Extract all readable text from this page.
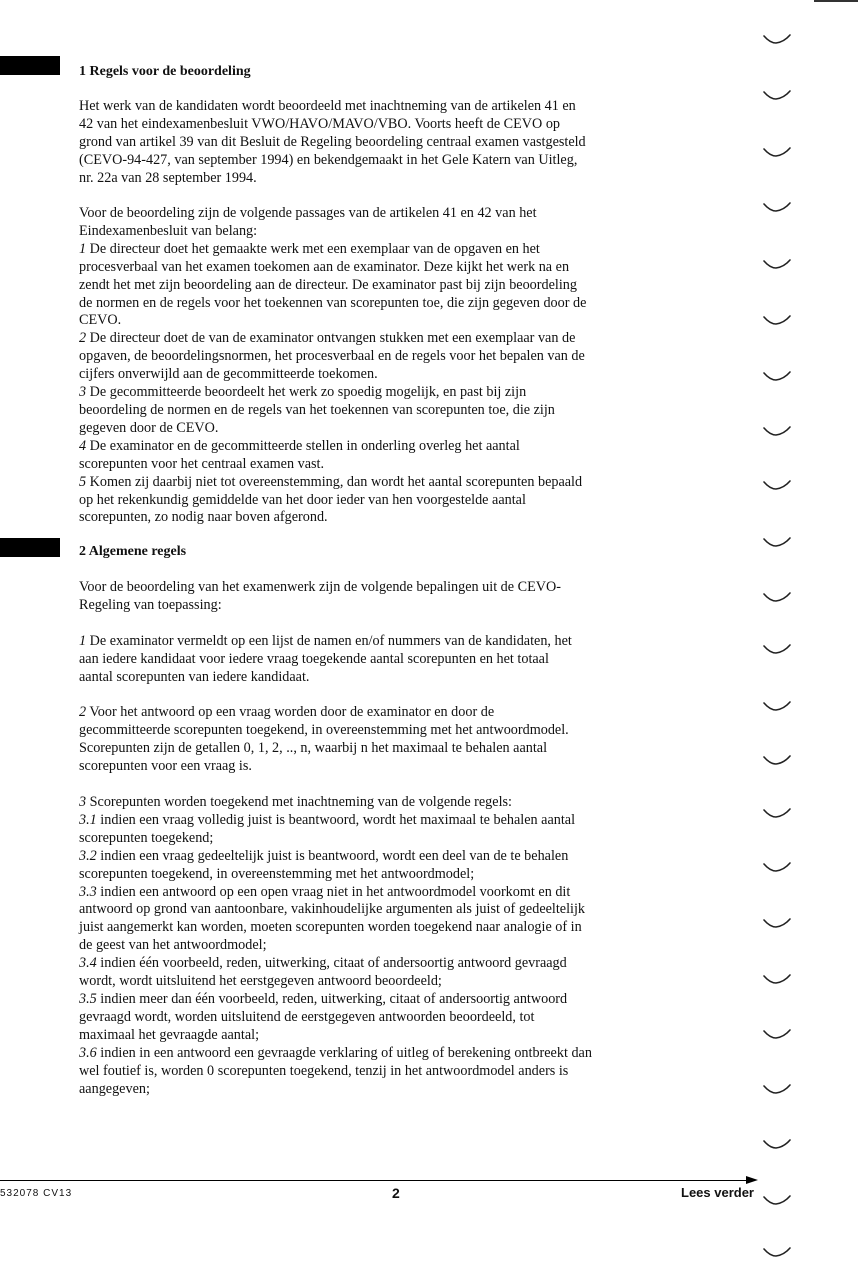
1 Regels voor de beoordeling
Het werk van de kandidaten wordt beoordeeld met inachtneming van de artikelen 41 en
42 van het eindexamenbesluit VWO/HAVO/MAVO/VBO. Voorts heeft de CEVO op
grond van artikel 39 van dit Besluit de Regeling beoordeling centraal examen vastgesteld
(CEVO-94-427, van september 1994) en bekendgemaakt in het Gele Katern van Uitleg,
nr. 22a van 28 september 1994.
Voor de beoordeling zijn de volgende passages van de artikelen 41 en 42 van het
Eindexamenbesluit van belang:
1 De directeur doet het gemaakte werk met een exemplaar van de opgaven en het
procesverbaal van het examen toekomen aan de examinator. Deze kijkt het werk na en
zendt het met zijn beoordeling aan de directeur. De examinator past bij zijn beoordeling
de normen en de regels voor het toekennen van scorepunten toe, die zijn gegeven door de
CEVO.
2 De directeur doet de van de examinator ontvangen stukken met een exemplaar van de
opgaven, de beoordelingsnormen, het procesverbaal en de regels voor het bepalen van de
cijfers onverwijld aan de gecommitteerde toekomen.
3 De gecommitteerde beoordeelt het werk zo spoedig mogelijk, en past bij zijn
beoordeling de normen en de regels van het toekennen van scorepunten toe, die zijn
gegeven door de CEVO.
4 De examinator en de gecommitteerde stellen in onderling overleg het aantal
scorepunten voor het centraal examen vast.
5 Komen zij daarbij niet tot overeenstemming, dan wordt het aantal scorepunten bepaald
op het rekenkundig gemiddelde van het door ieder van hen voorgestelde aantal
scorepunten, zo nodig naar boven afgerond.
2 Algemene regels
Voor de beoordeling van het examenwerk zijn de volgende bepalingen uit de CEVO-
Regeling van toepassing:
1 De examinator vermeldt op een lijst de namen en/of nummers van de kandidaten, het
aan iedere kandidaat voor iedere vraag toegekende aantal scorepunten en het totaal
aantal scorepunten van iedere kandidaat.
2 Voor het antwoord op een vraag worden door de examinator en door de
gecommitteerde scorepunten toegekend, in overeenstemming met het antwoordmodel.
Scorepunten zijn de getallen 0, 1, 2, .., n, waarbij n het maximaal te behalen aantal
scorepunten voor een vraag is.
3 Scorepunten worden toegekend met inachtneming van de volgende regels:
3.1 indien een vraag volledig juist is beantwoord, wordt het maximaal te behalen aantal
scorepunten toegekend;
3.2 indien een vraag gedeeltelijk juist is beantwoord, wordt een deel van de te behalen
scorepunten toegekend, in overeenstemming met het antwoordmodel;
3.3 indien een antwoord op een open vraag niet in het antwoordmodel voorkomt en dit
antwoord op grond van aantoonbare, vakinhoudelijke argumenten als juist of gedeeltelijk
juist aangemerkt kan worden, moeten scorepunten worden toegekend naar analogie of in
de geest van het antwoordmodel;
3.4 indien één voorbeeld, reden, uitwerking, citaat of andersoortig antwoord gevraagd
wordt, wordt uitsluitend het eerstgegeven antwoord beoordeeld;
3.5 indien meer dan één voorbeeld, reden, uitwerking, citaat of andersoortig antwoord
gevraagd wordt, worden uitsluitend de eerstgegeven antwoorden beoordeeld, tot
maximaal het gevraagde aantal;
3.6 indien in een antwoord een gevraagde verklaring of uitleg of berekening ontbreekt dan
wel foutief is, worden 0 scorepunten toegekend, tenzij in het antwoordmodel anders is
aangegeven;
532078 CV13	2	Lees verder
